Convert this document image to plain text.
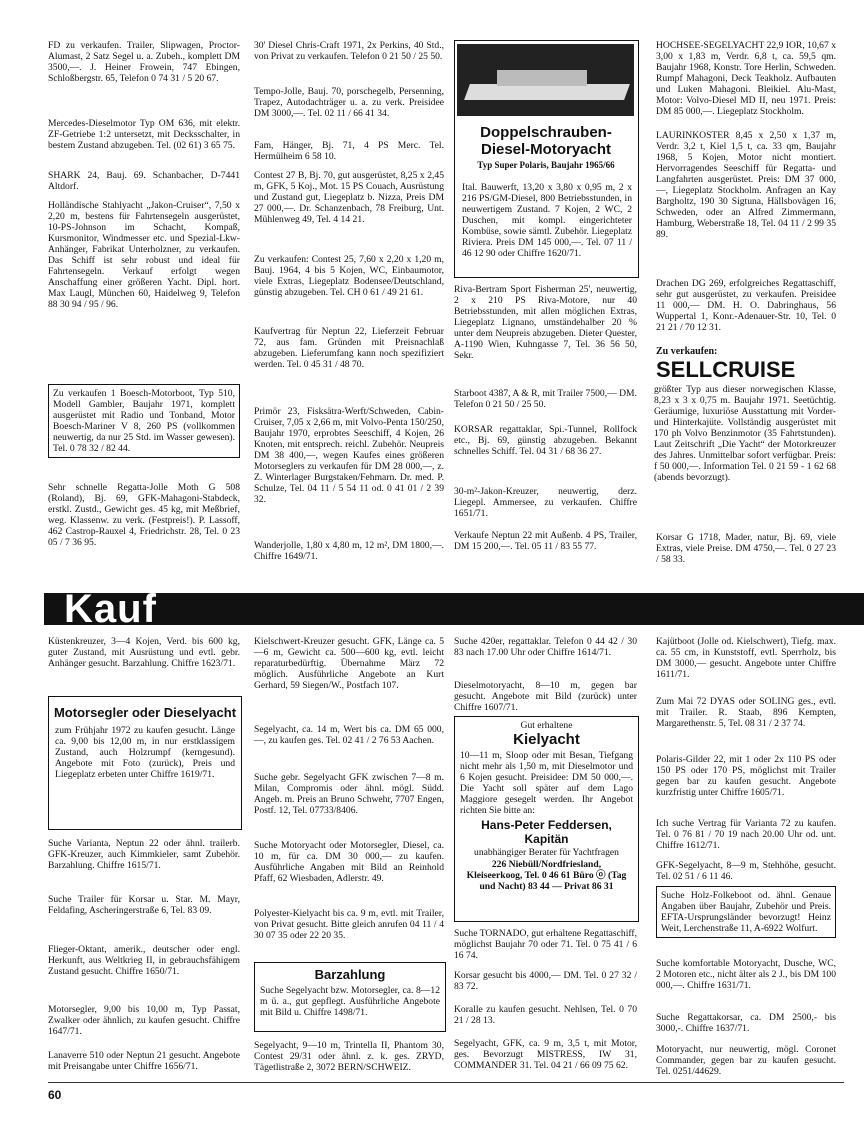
FD zu verkaufen. Trailer, Slipwagen, Proctor-Alumast, 2 Satz Segel u. a. Zubeh., komplett DM 3500,—. J. Heiner Frowein, 747 Ebingen, Schloßbergstr. 65, Telefon 0 74 31 / 5 20 67.
Mercedes-Dieselmotor Typ OM 636, mit elektr. ZF-Getriebe 1:2 untersetzt, mit Decksschalter, in bestem Zustand abzugeben. Tel. (02 61) 3 65 75.
SHARK 24, Bauj. 69. Schanbacher, D-7441 Altdorf.
Holländische Stahlyacht „Jakon-Cruiser“, 7,50 x 2,20 m, bestens für Fahrtensegeln ausgerüstet, 10-PS-Johnson im Schacht, Kompaß, Kursmonitor, Windmesser etc. und Spezial-Lkw-Anhänger, Fabrikat Unterholzner, zu verkaufen. Das Schiff ist sehr robust und ideal für Fahrtensegeln. Verkauf erfolgt wegen Anschaffung einer größeren Yacht. Dipl. hort. Max Laugl, München 60, Haidelweg 9, Telefon 88 30 94 / 95 / 96.
Zu verkaufen 1 Boesch-Motorboot, Typ 510, Modell Gambler, Baujahr 1971, komplett ausgerüstet mit Radio und Tonband, Motor Boesch-Mariner V 8, 260 PS (vollkommen neuwertig, da nur 25 Std. im Wasser gewesen). Tel. 0 78 32 / 82 44.
Sehr schnelle Regatta-Jolle Moth G 508 (Roland), Bj. 69, GFK-Mahagoni-Stabdeck, erstkl. Zustd., Gewicht ges. 45 kg, mit Meßbrief, weg. Klassenw. zu verk. (Festpreis!). P. Lassoff, 462 Castrop-Rauxel 4, Friedrichstr. 28, Tel. 0 23 05 / 7 36 95.
30' Diesel Chris-Craft 1971, 2x Perkins, 40 Std., von Privat zu verkaufen. Telefon 0 21 50 / 25 50.
Tempo-Jolle, Bauj. 70, porschegelb, Persenning, Trapez, Autodachträger u. a. zu verk. Preisidee DM 3000,—. Tel. 02 11 / 66 41 34.
Fam, Hänger, Bj. 71, 4 PS Merc. Tel. Hermülheim 6 58 10.
Contest 27 B, Bj. 70, gut ausgerüstet, 8,25 x 2,45 m, GFK, 5 Koj., Mot. 15 PS Couach, Ausrüstung und Zustand gut, Liegeplatz b. Nizza, Preis DM 27 000,—. Dr. Schanzenbach, 78 Freiburg, Unt. Mühlenweg 49, Tel. 4 14 21.
Zu verkaufen: Contest 25, 7,60 x 2,20 x 1,20 m, Bauj. 1964, 4 bis 5 Kojen, WC, Einbaumotor, viele Extras, Liegeplatz Bodensee/Deutschland, günstig abzugeben. Tel. CH 0 61 / 49 21 61.
Kaufvertrag für Neptun 22, Lieferzeit Februar 72, aus fam. Gründen mit Preisnachlaß abzugeben. Lieferumfang kann noch spezifiziert werden. Tel. 0 45 31 / 48 70.
Primör 23, Fisksätra-Werft/Schweden, Cabin-Cruiser, 7,05 x 2,66 m, mit Volvo-Penta 150/250, Baujahr 1970, erprobtes Seeschiff, 4 Kojen, 26 Knoten, mit entsprech. reichl. Zubehör. Neupreis DM 38 400,—, wegen Kaufes eines größeren Motorseglers zu verkaufen für DM 28 000,—, z. Z. Winterlager Burgstaken/Fehmarn. Dr. med. P. Schulze, Tel. 04 11 / 5 54 11 od. 0 41 01 / 2 39 32.
Wanderjolle, 1,80 x 4,80 m, 12 m², DM 1800,—. Chiffre 1649/71.
Doppelschrauben-Diesel-Motoryacht
Typ Super Polaris, Baujahr 1965/66
Ital. Bauwerft, 13,20 x 3,80 x 0,95 m, 2 x 216 PS/GM-Diesel, 800 Betriebsstunden, in neuwertigem Zustand. 7 Kojen, 2 WC, 2 Duschen, mit kompl. eingerichteter Kombüse, sowie sämtl. Zubehör. Liegeplatz Riviera. Preis DM 145 000,—. Tel. 07 11 / 46 12 90 oder Chiffre 1620/71.
Riva-Bertram Sport Fisherman 25', neuwertig, 2 x 210 PS Riva-Motore, nur 40 Betriebsstunden, mit allen möglichen Extras, Liegeplatz Lignano, umständehalber 20 % unter dem Neupreis abzugeben. Dieter Quester, A-1190 Wien, Kuhngasse 7, Tel. 36 56 50, Sekr.
Starboot 4387, A & R, mit Trailer 7500,— DM. Telefon 0 21 50 / 25 50.
KORSAR regattaklar, Spi.-Tunnel, Rollfock etc., Bj. 69, günstig abzugeben. Bekannt schnelles Schiff. Tel. 04 31 / 68 36 27.
30-m²-Jakon-Kreuzer, neuwertig, derz. Liegepl. Ammersee, zu verkaufen. Chiffre 1651/71.
Verkaufe Neptun 22 mit Außenb. 4 PS, Trailer, DM 15 200,—. Tel. 05 11 / 83 55 77.
HOCHSEE-SEGELYACHT 22,9 IOR, 10,67 x 3,00 x 1,83 m, Verdr. 6,8 t, ca. 59,5 qm. Baujahr 1968, Konstr. Tore Herlin, Schweden. Rumpf Mahagoni, Deck Teakholz. Aufbauten und Luken Mahagoni. Bleikiel. Alu-Mast, Motor: Volvo-Diesel MD II, neu 1971. Preis: DM 85 000,—. Liegeplatz Stockholm.
LAURINKOSTER 8,45 x 2,50 x 1,37 m, Verdr. 3,2 t, Kiel 1,5 t, ca. 33 qm, Baujahr 1968, 5 Kojen, Motor nicht montiert. Hervorragendes Seeschiff für Regatta- und Langfahrten ausgerüstet. Preis: DM 37 000,—, Liegeplatz Stockholm. Anfragen an Kay Bargholtz, 190 30 Sigtuna, Hällsbovägen 16, Schweden, oder an Alfred Zimmermann, Hamburg, Weberstraße 18, Tel. 04 11 / 2 99 35 89.
Drachen DG 269, erfolgreiches Regattaschiff, sehr gut ausgerüstet, zu verkaufen. Preisidee 11 000,— DM. H. O. Dabringhaus, 56 Wuppertal 1, Konr.-Adenauer-Str. 10, Tel. 0 21 21 / 70 12 31.
Zu verkaufen:
SELLCRUISE
größter Typ aus dieser norwegischen Klasse, 8,23 x 3 x 0,75 m. Baujahr 1971. Seetüchtig. Geräumige, luxuriöse Ausstattung mit Vorder- und Hinterkajüte. Vollständig ausgerüstet mit 170 ph Volvo Benzinmotor (35 Fahrtstunden). Laut Zeitschrift „Die Yacht“ der Motorkreuzer des Jahres. Unmittelbar sofort verfügbar. Preis: f 50 000,—. Information Tel. 0 21 59 - 1 62 68 (abends bevorzugt).
Korsar G 1718, Mader, natur, Bj. 69, viele Extras, viele Preise. DM 4750,—. Tel. 0 27 23 / 58 33.
Kauf
Küstenkreuzer, 3—4 Kojen, Verd. bis 600 kg, guter Zustand, mit Ausrüstung und evtl. gebr. Anhänger gesucht. Barzahlung. Chiffre 1623/71.
Motorsegler oder Dieselyacht
zum Frühjahr 1972 zu kaufen gesucht. Länge ca. 9,00 bis 12,00 m, in nur erstklassigem Zustand, auch Holzrumpf (kerngesund). Angebote mit Foto (zurück), Preis und Liegeplatz erbeten unter Chiffre 1619/71.
Suche Varianta, Neptun 22 oder ähnl. trailerb. GFK-Kreuzer, auch Kimmkieler, samt Zubehör. Barzahlung. Chiffre 1615/71.
Suche Trailer für Korsar u. Star. M. Mayr, Feldafing, Ascheringerstraße 6, Tel. 83 09.
Flieger-Oktant, amerik., deutscher oder engl. Herkunft, aus Weltkrieg II, in gebrauchsfähigem Zustand gesucht. Chiffre 1650/71.
Motorsegler, 9,00 bis 10,00 m, Typ Passat, Zwalker oder ähnlich, zu kaufen gesucht. Chiffre 1647/71.
Lanaverre 510 oder Neptun 21 gesucht. Angebote mit Preisangabe unter Chiffre 1656/71.
Kielschwert-Kreuzer gesucht. GFK, Länge ca. 5—6 m, Gewicht ca. 500—600 kg, evtl. leicht reparaturbedürftig. Übernahme März 72 möglich. Ausführliche Angebote an Kurt Gerhard, 59 Siegen/W., Postfach 107.
Segelyacht, ca. 14 m, Wert bis ca. DM 65 000,—, zu kaufen ges. Tel. 02 41 / 2 76 53 Aachen.
Suche gebr. Segelyacht GFK zwischen 7—8 m. Milan, Compromis oder ähnl. mögl. Südd. Angeb. m. Preis an Bruno Schwehr, 7707 Engen, Postf. 12, Tel. 07733/8406.
Suche Motoryacht oder Motorsegler, Diesel, ca. 10 m, für ca. DM 30 000,— zu kaufen. Ausführliche Angaben mit Bild an Reinhold Pfaff, 62 Wiesbaden, Adlerstr. 49.
Polyester-Kielyacht bis ca. 9 m, evtl. mit Trailer, von Privat gesucht. Bitte gleich anrufen 04 11 / 4 30 07 35 oder 22 20 35.
Barzahlung
Suche Segelyacht bzw. Motorsegler, ca. 8—12 m ü. a., gut gepflegt. Ausführliche Angebote mit Bild u. Chiffre 1498/71.
Segelyacht, 9—10 m, Trintella II, Phantom 30, Contest 29/31 oder ähnl. z. k. ges. ZRYD, Tägetlistraße 2, 3072 BERN/SCHWEIZ.
Suche 420er, regattaklar. Telefon 0 44 42 / 30 83 nach 17.00 Uhr oder Chiffre 1614/71.
Dieselmotoryacht, 8—10 m, gegen bar gesucht. Angebote mit Bild (zurück) unter Chiffre 1607/71.
Gut erhaltene
Kielyacht
10—11 m, Sloop oder mit Besan, Tiefgang nicht mehr als 1,50 m, mit Dieselmotor und 6 Kojen gesucht. Preisidee: DM 50 000,—. Die Yacht soll später auf dem Lago Maggiore gesegelt werden. Ihr Angebot richten Sie bitte an:
Hans-Peter Feddersen, Kapitän
unabhängiger Berater für Yachtfragen
226 Niebüll/Nordfriesland, Kleiseerkoog, Tel. 0 46 61 Büro ⓞ (Tag und Nacht) 83 44 — Privat 86 31
Suche TORNADO, gut erhaltene Regattaschiff, möglichst Baujahr 70 oder 71. Tel. 0 75 41 / 6 16 74.
Korsar gesucht bis 4000,— DM. Tel. 0 27 32 / 83 72.
Koralle zu kaufen gesucht. Nehlsen, Tel. 0 70 21 / 28 13.
Segelyacht, GFK, ca. 9 m, 3,5 t, mit Motor, ges. Bevorzugt MISTRESS, IW 31, COMMANDER 31. Tel. 04 21 / 66 09 75 62.
Kajütboot (Jolle od. Kielschwert), Tiefg. max. ca. 55 cm, in Kunststoff, evtl. Sperrholz, bis DM 3000,— gesucht. Angebote unter Chiffre 1611/71.
Zum Mai 72 DYAS oder SOLING ges., evtl. mit Trailer. R. Staab, 896 Kempten, Margarethenstr. 5, Tel. 08 31 / 2 37 74.
Polaris-Gilder 22, mit 1 oder 2x 110 PS oder 150 PS oder 170 PS, möglichst mit Trailer gegen bar zu kaufen gesucht. Angebote kurzfristig unter Chiffre 1605/71.
Ich suche Vertrag für Varianta 72 zu kaufen. Tel. 0 76 81 / 70 19 nach 20.00 Uhr od. unt. Chiffre 1612/71.
GFK-Segelyacht, 8—9 m, Stehhöhe, gesucht. Tel. 02 51 / 6 11 46.
Suche Holz-Folkeboot od. ähnl. Genaue Angaben über Baujahr, Zubehör und Preis. EFTA-Ursprungsländer bevorzugt! Heinz Weit, Lerchenstraße 11, A-6922 Wolfurt.
Suche komfortable Motoryacht, Dusche, WC, 2 Motoren etc., nicht älter als 2 J., bis DM 100 000,—. Chiffre 1631/71.
Suche Regattakorsar, ca. DM 2500,- bis 3000,-. Chiffre 1637/71.
Motoryacht, nur neuwertig, mögl. Coronet Commander, gegen bar zu kaufen gesucht. Tel. 0251/44629.
60
